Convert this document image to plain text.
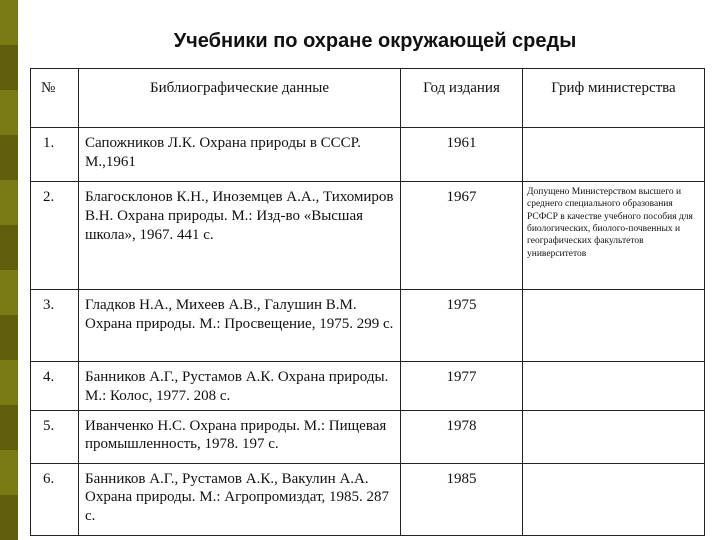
Учебники по охране окружающей среды
№	Библиографические данные	Год издания	Гриф министерства
1.	Сапожников Л.К. Охрана природы в СССР. М.,1961	1961	
2.	Благосклонов К.Н., Иноземцев А.А., Тихомиров В.Н. Охрана природы. М.: Изд-во «Высшая школа», 1967. 441 с.	1967	Допущено Министерством высшего и среднего специального образования РСФСР в качестве учебного пособия для биологических, биолого-почвенных и географических факультетов университетов
3.	Гладков Н.А., Михеев А.В., Галушин В.М. Охрана природы. М.: Просвещение, 1975. 299 с.	1975	
4.	Банников А.Г., Рустамов А.К. Охрана природы. М.: Колос, 1977. 208 с.	1977	
5.	Иванченко Н.С. Охрана природы. М.: Пищевая промышленность, 1978. 197 с.	1978	
6.	Банников А.Г., Рустамов А.К., Вакулин А.А. Охрана природы. М.: Агропромиздат, 1985. 287 с.	1985	
